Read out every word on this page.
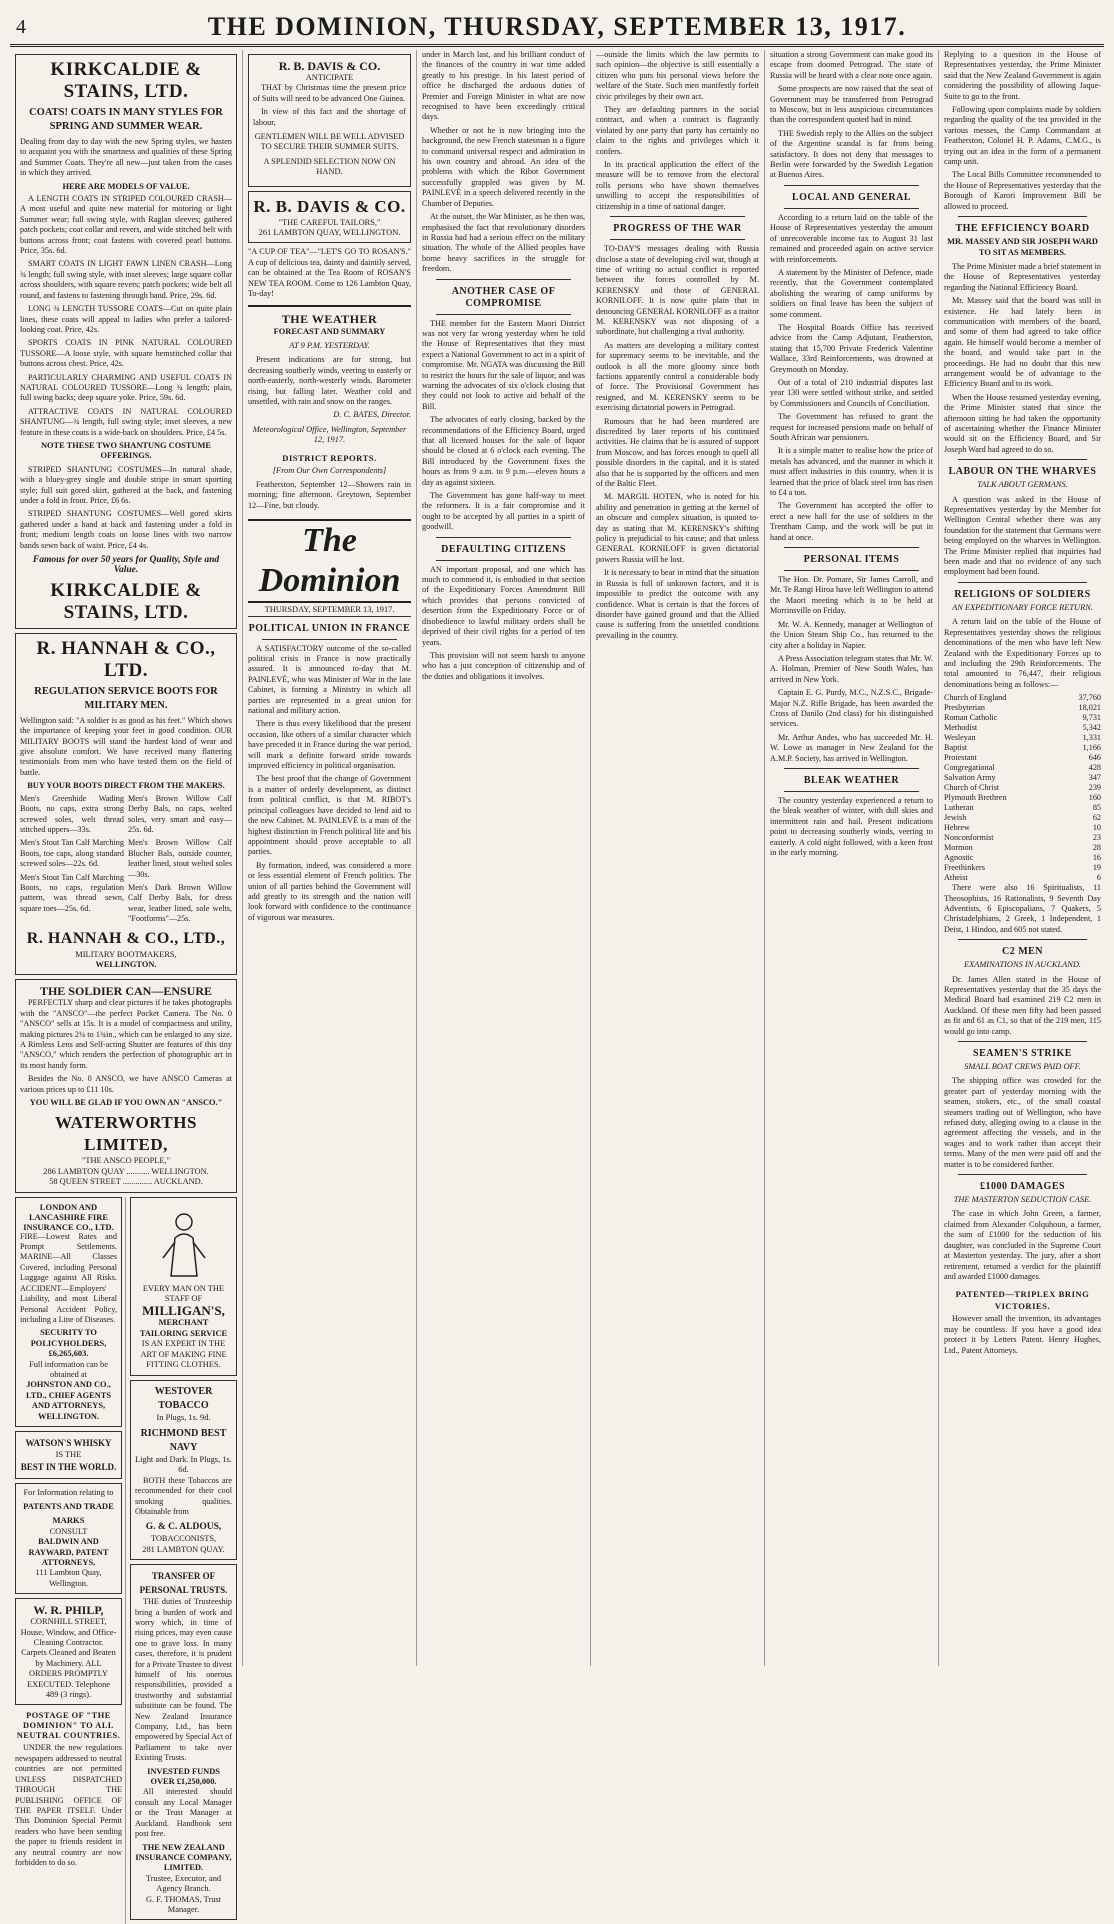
4	THE DOMINION, THURSDAY, SEPTEMBER 13, 1917.
KIRKCALDIE & STAINS, LTD.
COATS! COATS IN MANY STYLES FOR SPRING AND SUMMER WEAR.

Dealing from day to day with the new Spring styles, we hasten to acquaint you with the smartness and qualities of these Spring and Summer Coats. They're all new—just taken from the cases in which they arrived.

HERE ARE MODELS OF VALUE.

A LENGTH COATS IN STRIPED COLOURED CRASH—A most useful and quite new material for motoring or light Summer wear; full swing style, with Raglan sleeves; gathered patch pockets; coat collar and revers, and wide stitched belt with buttons across front; coat fastens with covered pearl buttons. Price, 35s. 6d.

SMART COATS IN LIGHT FAWN LINEN CRASH—Long ¾ length; full swing style, with inset sleeves; large square collar across shoulders, with square revers; patch pockets; wide belt all round, and fastens to fastening through band. Price, 29s. 6d.

LONG ¾ LENGTH TUSSORE COATS—Cut on quite plain lines, these coats will appeal to ladies who prefer a tailored-looking coat. Price, 42s.

SPORTS COATS IN PINK NATURAL COLOURED TUSSORE—A loose style, with square hemstitched collar that buttons across chest. Price, 42s.

PARTICULARLY CHARMING AND USEFUL COATS IN NATURAL COLOURED TUSSORE—Long ¾ length; plain, full swing backs; deep square yoke. Price, 59s. 6d.

ATTRACTIVE COATS IN NATURAL COLOURED SHANTUNG—¾ length, full swing style; inset sleeves, a new feature in these coats is a wide-back on shoulders. Price, £4 5s.

NOTE THESE TWO SHANTUNG COSTUME OFFERINGS.

STRIPED SHANTUNG COSTUMES—In natural shade, with a bluey-grey single and double stripe in smart sporting style; full suit gored skirt, gathered at the back, and fastening under a fold in front. Price, £6 6s.

STRIPED SHANTUNG COSTUMES—Well gored skirts gathered under a band at back and fastening under a fold in front; medium length coats on loose lines with two narrow bands sewn back of waist. Price, £4 4s.

Famous for over 50 years for Quality, Style and Value.
KIRKCALDIE & STAINS, LTD.
R. HANNAH & CO., LTD.
REGULATION SERVICE BOOTS FOR MILITARY MEN.

Wellington said: "A soldier is as good as his feet." Which shows the importance of keeping your feet in good condition. OUR MILITARY BOOTS will stand the hardest kind of wear and give absolute comfort. We have received many flattering testimonials from men who have tested them on the field of battle.

BUY YOUR BOOTS DIRECT FROM THE MAKERS.

Men's Greenhide Wading Boots, no caps, extra strong screwed soles, welt thread stitched uppers—33s.

Men's Stout Tan Calf Marching Boots, toe caps, along standard screwed soles—22s. 6d.

Men's Stout Tan Calf Marching Boots, no caps, regulation pattern, wax thread sewn, square toes—25s. 6d.

Men's Brown Willow Calf Derby Bals, no caps, welted soles, very smart and easy—25s. 6d.

Men's Brown Willow Calf Blucher Bals, outside counter, leather lined, stout welted soles—30s.

Men's Dark Brown Willow Calf Derby Bals, for dress wear, leather lined, sole welts, "Footforms"—25s.

R. HANNAH & CO., LTD.,
MILITARY BOOTMAKERS,
WELLINGTON.
THE SOLDIER CAN—ENSURE

PERFECTLY sharp and clear pictures if he takes photographs with the "ANSCO"—the perfect Pocket Camera. The No. 0 "ANSCO" sells at 15s. It is a model of compactness and utility, making pictures 2¼ to 1¾in., which can be enlarged to any size. A Rimless Lens and Self-acting Shutter are features of this tiny "ANSCO," which renders the perfection of photographic art in its most handy form.

Besides the No. 0 ANSCO, we have ANSCO Cameras at various prices up to £11 10s.

YOU WILL BE GLAD IF YOU OWN AN "ANSCO."
WATERWORTHS LIMITED,
"THE ANSCO PEOPLE,"
286 LAMBTON QUAY ........... WELLINGTON.
58 QUEEN STREET .............. AUCKLAND.
LONDON AND LANCASHIRE FIRE INSURANCE CO., LTD.

FIRE—Lowest Rates and Prompt Settlements. MARINE—All Classes Covered, including Personal Luggage against All Risks. ACCIDENT—Employers' Liability, and most Liberal Personal Accident Policy, including a Line of Diseases.

SECURITY TO POLICYHOLDERS, £6,265,603.
Full information can be obtained at
JOHNSTON AND CO., LTD., CHIEF AGENTS AND ATTORNEYS, WELLINGTON.
WATSON'S WHISKY
IS THE
BEST IN THE WORLD.
For Information relating to
PATENTS AND TRADE MARKS
CONSULT
BALDWIN AND RAYWARD, PATENT ATTORNEYS,
111 Lambton Quay, Wellington.
W. R. PHILP,
CORNHILL STREET, House, Window, and Office-Cleaning Contractor.
Carpets Cleaned and Beaten by Machinery. ALL ORDERS PROMPTLY EXECUTED. Telephone 489 (3 rings).
POSTAGE OF "THE DOMINION" TO ALL NEUTRAL COUNTRIES.

UNDER the new regulations newspapers addressed to neutral countries are not permitted UNLESS DISPATCHED THROUGH THE PUBLISHING OFFICE OF THE PAPER ITSELF. Under This Dominion Special Permit readers who have been sending the paper to friends resident in any neutral country are now forbidden to do so.

EVERY MAN ON THE STAFF OF
MILLIGAN'S,
MERCHANT TAILORING SERVICE
IS AN EXPERT IN THE ART OF MAKING FINE FITTING CLOTHES.
WESTOVER TOBACCO
In Plugs, 1s. 9d.
RICHMOND BEST NAVY
Light and Dark. In Plugs, 1s. 6d.

BOTH these Tobaccos are recommended for their cool smoking qualities. Obtainable from

G. & C. ALDOUS,
TOBACCONISTS,
281 LAMBTON QUAY.
TRANSFER OF PERSONAL TRUSTS.

THE duties of Trusteeship bring a burden of work and worry which, in time of rising prices, may even cause one to grave loss. In many cases, therefore, it is prudent for a Private Trustee to divest himself of his onerous responsibilities, provided a trustworthy and substantial substitute can be found. The New Zealand Insurance Company, Ltd., has been empowered by Special Act of Parliament to take over Existing Trusts.

INVESTED FUNDS OVER £1,250,000.

All interested should consult any Local Manager or the Trust Manager at Auckland. Handbook sent post free.

THE NEW ZEALAND INSURANCE COMPANY, LIMITED.
Trustee, Executor, and Agency Branch.
G. F. THOMAS, Trust Manager.
R. B. DAVIS & CO.
ANTICIPATE

THAT by Christmas time the present price of Suits will need to be advanced One Guinea.

In view of this fact and the shortage of labour,

GENTLEMEN WILL BE WELL ADVISED TO SECURE THEIR SUMMER SUITS.
A SPLENDID SELECTION NOW ON HAND.
R. B. DAVIS & CO.
"THE CAREFUL TAILORS,"
261 LAMBTON QUAY, WELLINGTON.

"A CUP OF TEA"—"LET'S GO TO ROSAN'S." A cup of delicious tea, dainty and daintily served, can be obtained at the Tea Room of ROSAN'S NEW TEA ROOM. Come to 126 Lambton Quay, To-day!

THE WEATHER
FORECAST AND SUMMARY
AT 9 P.M. YESTERDAY.

Present indications are for strong, but decreasing southerly winds, veering to easterly or north-easterly, north-westerly winds. Barometer rising, but falling later. Weather cold and unsettled, with rain and snow on the ranges.

D. C. BATES, Director.
Meteorological Office, Wellington, September 12, 1917.
DISTRICT REPORTS.
[From Our Own Correspondents]

Featherston, September 12—Showers rain in morning; fine afternoon. Greytown, September 12—Fine, but cloudy.

The Dominion
THURSDAY, SEPTEMBER 13, 1917.
POLITICAL UNION IN FRANCE

A SATISFACTORY outcome of the so-called political crisis in France is now practically assured. It is announced to-day that M. PAINLEVÉ, who was Minister of War in the late Cabinet, is forming a Ministry in which all parties are represented in a great union for national and military action.

There is thus every likelihood that the present occasion, like others of a similar character which have preceded it in France during the war period, will mark a definite forward stride towards improved efficiency in political organisation.

The best proof that the change of Government is a matter of orderly development, as distinct from political conflict, is that M. RIBOT's principal colleagues have decided to lend aid to the new Cabinet. M. PAINLEVÉ is a man of the highest distinction in French political life and his appointment should prove acceptable to all parties.

By formation, indeed, was considered a more or less essential element of French politics. The union of all parties behind the Government will add greatly to its strength and the nation will look forward with confidence to the continuance of vigorous war measures.

under in March last, and his brilliant conduct of the finances of the country in war time added greatly to his prestige. In his latest period of office he discharged the arduous duties of Premier and Foreign Minister in what are now recognised to have been exceedingly critical days.

Whether or not he is now bringing into the background, the new French statesman is a figure to command universal respect and admiration in his own country and abroad. An idea of the problems with which the Ribot Government successfully grappled was given by M. PAINLEVÉ in a speech delivered recently in the Chamber of Deputies.

At the outset, the War Minister, as he then was, emphasised the fact that revolutionary disorders in Russia had had a serious effect on the military situation. The whole of the Allied peoples have borne heavy sacrifices in the struggle for freedom.

ANOTHER CASE OF COMPROMISE

THE member for the Eastern Maori District was not very far wrong yesterday when he told the House of Representatives that they must expect a National Government to act in a spirit of compromise. Mr. NGATA was discussing the Bill to restrict the hours for the sale of liquor, and was warning the advocates of six o'clock closing that they could not look to active aid behalf of the Bill.

The advocates of early closing, backed by the recommendations of the Efficiency Board, urged that all licensed houses for the sale of liquor should be closed at 6 o'clock each evening. The Bill introduced by the Government fixes the hours as from 9 a.m. to 9 p.m.—eleven hours a day as against sixteen.

The Government has gone half-way to meet the reformers. It is a fair compromise and it ought to be accepted by all parties in a spirit of goodwill.

DEFAULTING CITIZENS

AN important proposal, and one which has much to commend it, is embodied in that section of the Expeditionary Forces Amendment Bill which provides that persons convicted of desertion from the Expeditionary Force or of disobedience to lawful military orders shall be deprived of their civil rights for a period of ten years.

This provision will not seem harsh to anyone who has a just conception of citizenship and of the duties and obligations it involves.

—outside the limits which the law permits to such opinion—the objective is still essentially a citizen who puts his personal views before the welfare of the State. Such men manifestly forfeit civic privileges by their own act.

They are defaulting partners in the social contract, and when a contract is flagrantly violated by one party that party has certainly no claim to the rights and privileges which it confers.

In its practical application the effect of the measure will be to remove from the electoral rolls persons who have shown themselves unwilling to accept the responsibilities of citizenship in a time of national danger.

PROGRESS OF THE WAR

TO-DAY'S messages dealing with Russia disclose a state of developing civil war, though at time of writing no actual conflict is reported between the forces controlled by M. KERENSKY and those of GENERAL KORNILOFF. It is now quite plain that in denouncing GENERAL KORNILOFF as a traitor M. KERENSKY was not disposing of a subordinate, but challenging a rival authority.

As matters are developing a military contest for supremacy seems to be inevitable, and the outlook is all the more gloomy since both factions apparently control a considerable body of force. The Provisional Government has resigned, and M. KERENSKY seems to be exercising dictatorial powers in Petrograd.

Rumours that he had been murdered are discredited by later reports of his continued activities. He claims that he is assured of support from Moscow, and has forces enough to quell all possible disorders in the capital, and it is stated also that he is supported by the officers and men of the Baltic Fleet.

M. MARGIL HOTEN, who is noted for his ability and penetration in getting at the kernel of an obscure and complex situation, is quoted to-day as stating that M. KERENSKY's shifting policy is prejudicial to his cause; and that unless GENERAL KORNILOFF is given dictatorial powers Russia will be lost.

It is necessary to bear in mind that the situation in Russia is full of unknown factors, and it is impossible to predict the outcome with any confidence. What is certain is that the forces of disorder have gained ground and that the Allied cause is suffering from the unsettled conditions prevailing in the country.

situation a strong Government can make good its escape from doomed Petrograd. The state of Russia will be heard with a clear note once again.

Some prospects are now raised that the seat of Government may be transferred from Petrograd to Moscow, but in less auspicious circumstances than the correspondent quoted had in mind.

THE Swedish reply to the Allies on the subject of the Argentine scandal is far from being satisfactory. It does not deny that messages to Berlin were forwarded by the Swedish Legation at Buenos Aires.

LOCAL AND GENERAL

According to a return laid on the table of the House of Representatives yesterday the amount of unrecoverable income tax to August 31 last remained and proceeded again on active service with reinforcements.

A statement by the Minister of Defence, made recently, that the Government contemplated abolishing the wearing of camp uniforms by soldiers on final leave has been the subject of some comment.

The Hospital Boards Office has received advice from the Camp Adjutant, Featherston, stating that 15,700 Private Frederick Valentine Wallace, 33rd Reinforcements, was drowned at Greymouth on Monday.

Out of a total of 210 industrial disputes last year 130 were settled without strike, and settled by Commissioners and Councils of Conciliation.

The Government has refused to grant the request for increased pensions made on behalf of South African war pensioners.

It is a simple matter to realise how the price of metals has advanced, and the manner in which it must affect industries in this country, when it is learned that the price of black steel iron has risen to £4 a ton.

The Government has accepted the offer to erect a new hall for the use of soldiers in the Trentham Camp, and the work will be put in hand at once.

PERSONAL ITEMS

The Hon. Dr. Pomare, Sir James Carroll, and Mr. Te Rangi Hiroa have left Wellington to attend the Maori meeting which is to be held at Morrinsville on Friday.

Mr. W. A. Kennedy, manager at Wellington of the Union Steam Ship Co., has returned to the city after a holiday in Napier.

A Press Association telegram states that Mr. W. A. Holman, Premier of New South Wales, has arrived in New York.

Captain E. G. Purdy, M.C., N.Z.S.C., Brigade-Major N.Z. Rifle Brigade, has been awarded the Cross of Danilo (2nd class) for his distinguished services.

Mr. Arthur Andes, who has succeeded Mr. H. W. Lowe as manager in New Zealand for the A.M.P. Society, has arrived in Wellington.

BLEAK WEATHER

The country yesterday experienced a return to the bleak weather of winter, with dull skies and intermittent rain and hail. Present indications point to decreasing southerly winds, veering to easterly. A cold night followed, with a keen frost in the early morning.

Replying to a question in the House of Representatives yesterday, the Prime Minister said that the New Zealand Government is again considering the possibility of allowing Jaque-Suite to go to the front.

Following upon complaints made by soldiers regarding the quality of the tea provided in the various messes, the Camp Commandant at Featherston, Colonel H. P. Adams, C.M.G., is trying out an idea in the form of a permanent camp unit.

The Local Bills Committee recommended to the House of Representatives yesterday that the Borough of Karori Improvement Bill be allowed to proceed.

THE EFFICIENCY BOARD
MR. MASSEY AND SIR JOSEPH WARD TO SIT AS MEMBERS.

The Prime Minister made a brief statement in the House of Representatives yesterday regarding the National Efficiency Board.

Mr. Massey said that the board was still in existence. He had lately been in communication with members of the board, and some of them had agreed to take office again. He himself would become a member of the board, and would take part in the proceedings. He had no doubt that this new arrangement would be of advantage to the Efficiency Board and to its work.

When the House resumed yesterday evening, the Prime Minister stated that since the afternoon sitting he had taken the opportunity of ascertaining whether the Finance Minister would sit on the Efficiency Board, and Sir Joseph Ward had agreed to do so.

LABOUR ON THE WHARVES
TALK ABOUT GERMANS.

A question was asked in the House of Representatives yesterday by the Member for Wellington Central whether there was any foundation for the statement that Germans were being employed on the wharves in Wellington. The Prime Minister replied that inquiries had been made and that no evidence of any such employment had been found.

RELIGIONS OF SOLDIERS
AN EXPEDITIONARY FORCE RETURN.

A return laid on the table of the House of Representatives yesterday shows the religious denominations of the men who have left New Zealand with the Expeditionary Forces up to and including the 29th Reinforcements. The total amounted to 76,447, their religious denominations being as follows:—

Church of England	37,760
Presbyterian	18,021
Roman Catholic	9,731
Methodist	5,342
Wesleyan	1,331
Baptist	1,166
Protestant	646
Congregational	428
Salvation Army	347
Church of Christ	239
Plymouth Brethren	160
Lutheran	85
Jewish	62
Hebrew	10
Nonconformist	23
Mormon	28
Agnostic	16
Freethinkers	19
Atheist	6

There were also 16 Spiritualists, 11 Theosophists, 16 Rationalists, 9 Seventh Day Adventists, 6 Episcopalians, 7 Quakers, 5 Christadelphians, 2 Greek, 1 Independent, 1 Deist, 1 Hindoo, and 605 not stated.

C2 MEN
EXAMINATIONS IN AUCKLAND.

Dr. James Allen stated in the House of Representatives yesterday that the 35 days the Medical Board had examined 219 C2 men in Auckland. Of these men fifty had been passed as fit and 61 as C1, so that of the 219 men, 115 would go into camp.

SEAMEN'S STRIKE
SMALL BOAT CREWS PAID OFF.

The shipping office was crowded for the greater part of yesterday morning with the seamen, stokers, etc., of the small coastal steamers trading out of Wellington, who have refused duty, alleging owing to a clause in the agreement affecting the vessels, and in the wages and to work rather than accept their terms. Many of the men were paid off and the matter is to be considered further.

£1000 DAMAGES
THE MASTERTON SEDUCTION CASE.

The case in which John Green, a farmer, claimed from Alexander Colquhoun, a farmer, the sum of £1000 for the seduction of his daughter, was concluded in the Supreme Court at Masterton yesterday. The jury, after a short retirement, returned a verdict for the plaintiff and awarded £1000 damages.

PATENTED—TRIPLEX BRING VICTORIES.

However small the invention, its advantages may be countless. If you have a good idea protect it by Letters Patent. Henry Hughes, Ltd., Patent Attorneys.
